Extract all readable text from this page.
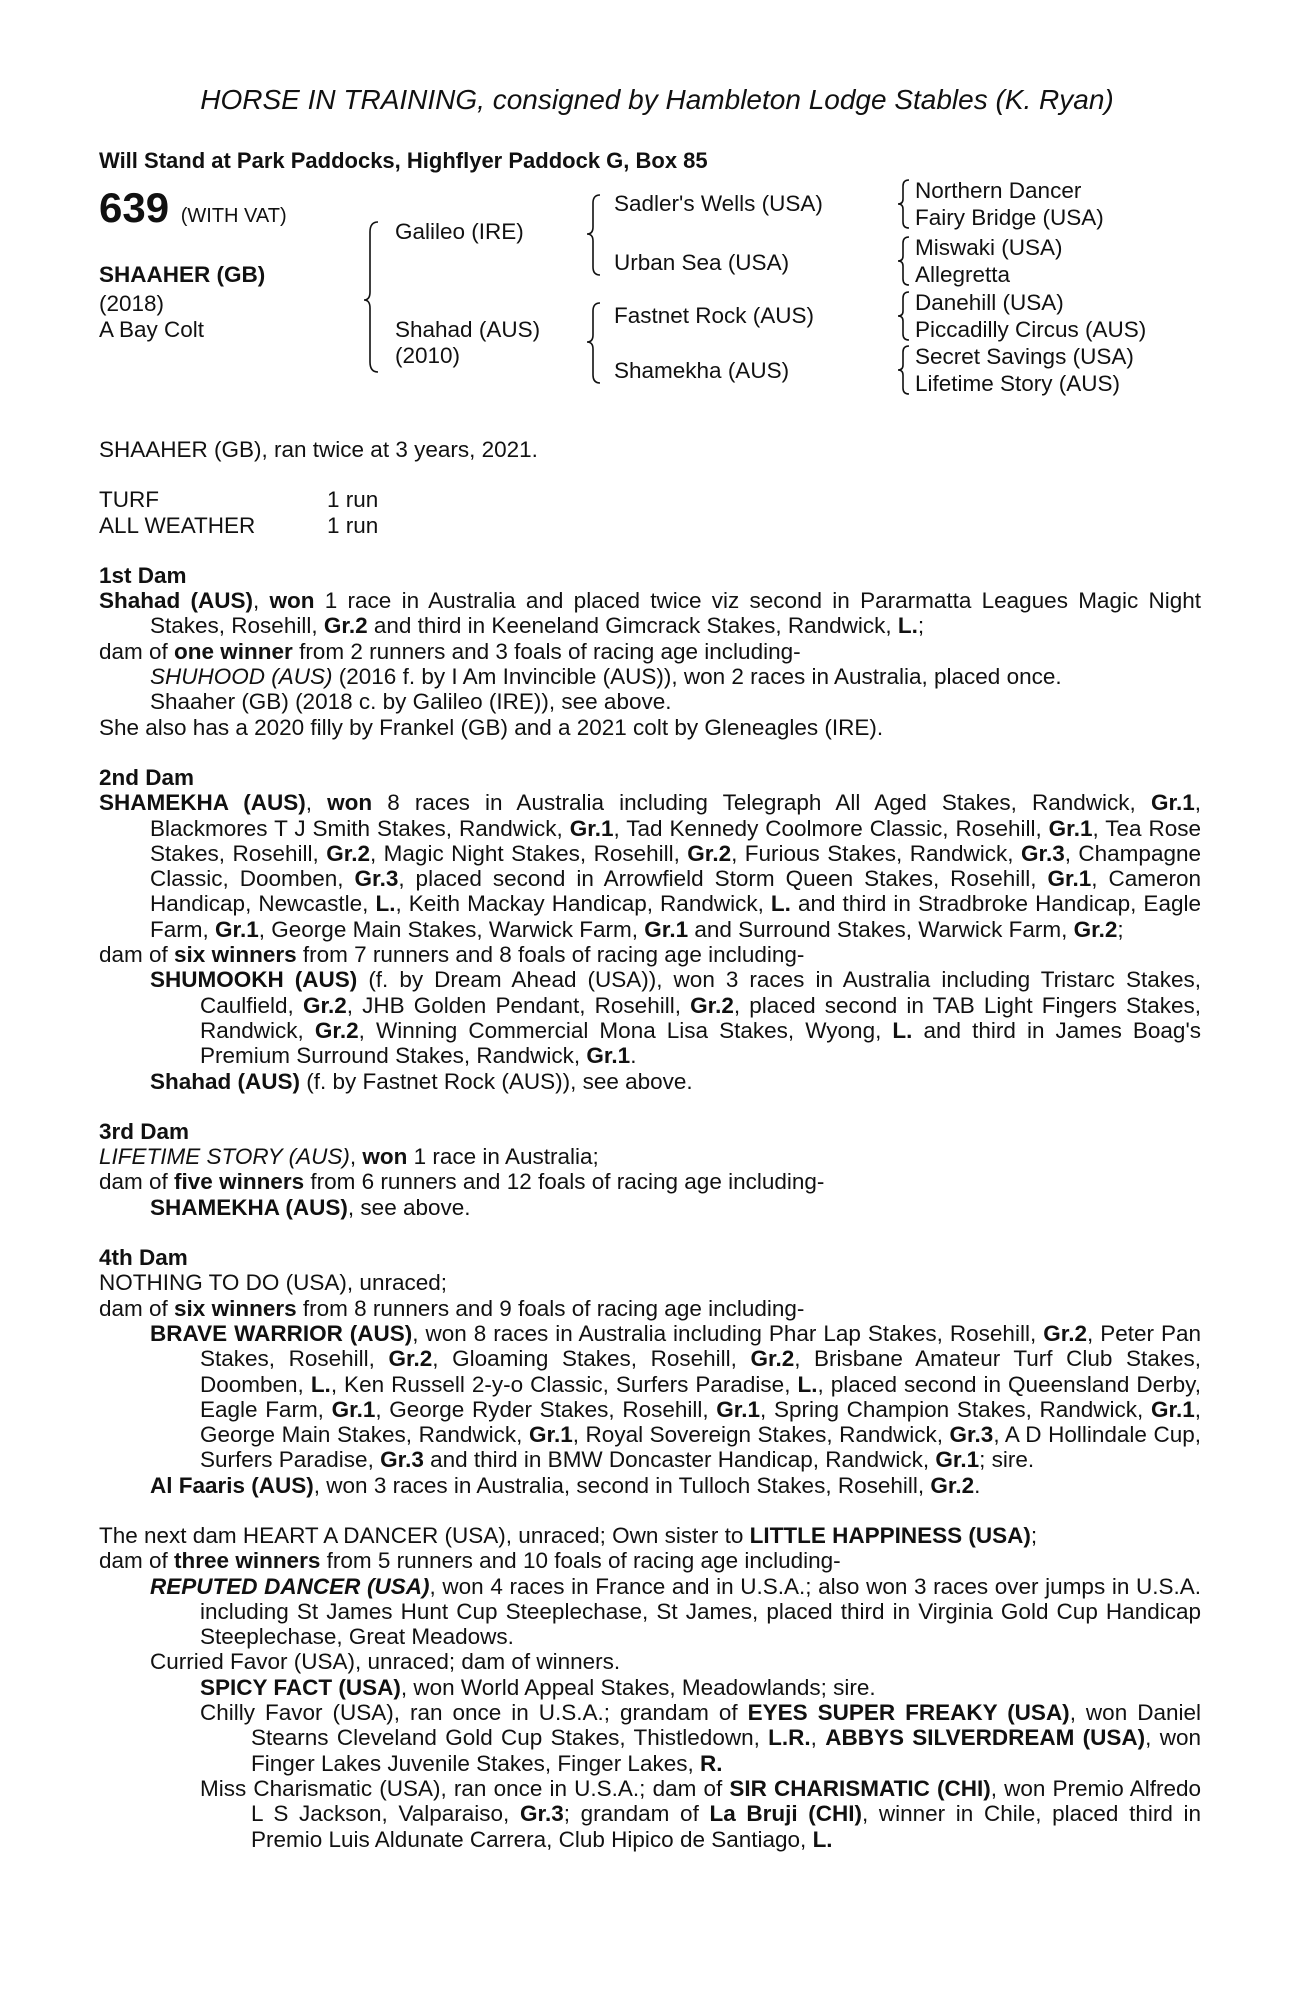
HORSE IN TRAINING, consigned by Hambleton Lodge Stables (K. Ryan)
Will Stand at Park Paddocks, Highflyer Paddock G, Box 85
639 (WITH VAT)
SHAAHER (GB)
(2018)
A Bay Colt
Galileo (IRE)
Shahad (AUS)
(2010)
Sadler's Wells (USA)
Urban Sea (USA)
Fastnet Rock (AUS)
Shamekha (AUS)
Northern Dancer
Fairy Bridge (USA)
Miswaki (USA)
Allegretta
Danehill (USA)
Piccadilly Circus (AUS)
Secret Savings (USA)
Lifetime Story (AUS)
SHAAHER (GB), ran twice at 3 years, 2021.
TURF	1 run
ALL WEATHER	1 run
1st Dam
Shahad (AUS), won 1 race in Australia and placed twice viz second in Pararmatta Leagues Magic Night Stakes, Rosehill, Gr.2 and third in Keeneland Gimcrack Stakes, Randwick, L.;
dam of one winner from 2 runners and 3 foals of racing age including-
SHUHOOD (AUS) (2016 f. by I Am Invincible (AUS)), won 2 races in Australia, placed once.
Shaaher (GB) (2018 c. by Galileo (IRE)), see above.
She also has a 2020 filly by Frankel (GB) and a 2021 colt by Gleneagles (IRE).
2nd Dam
SHAMEKHA (AUS), won 8 races in Australia including Telegraph All Aged Stakes, Randwick, Gr.1, Blackmores T J Smith Stakes, Randwick, Gr.1, Tad Kennedy Coolmore Classic, Rosehill, Gr.1, Tea Rose Stakes, Rosehill, Gr.2, Magic Night Stakes, Rosehill, Gr.2, Furious Stakes, Randwick, Gr.3, Champagne Classic, Doomben, Gr.3, placed second in Arrowfield Storm Queen Stakes, Rosehill, Gr.1, Cameron Handicap, Newcastle, L., Keith Mackay Handicap, Randwick, L. and third in Stradbroke Handicap, Eagle Farm, Gr.1, George Main Stakes, Warwick Farm, Gr.1 and Surround Stakes, Warwick Farm, Gr.2;
dam of six winners from 7 runners and 8 foals of racing age including-
SHUMOOKH (AUS) (f. by Dream Ahead (USA)), won 3 races in Australia including Tristarc Stakes, Caulfield, Gr.2, JHB Golden Pendant, Rosehill, Gr.2, placed second in TAB Light Fingers Stakes, Randwick, Gr.2, Winning Commercial Mona Lisa Stakes, Wyong, L. and third in James Boag's Premium Surround Stakes, Randwick, Gr.1.
Shahad (AUS) (f. by Fastnet Rock (AUS)), see above.
3rd Dam
LIFETIME STORY (AUS), won 1 race in Australia;
dam of five winners from 6 runners and 12 foals of racing age including-
SHAMEKHA (AUS), see above.
4th Dam
NOTHING TO DO (USA), unraced;
dam of six winners from 8 runners and 9 foals of racing age including-
BRAVE WARRIOR (AUS), won 8 races in Australia including Phar Lap Stakes, Rosehill, Gr.2, Peter Pan Stakes, Rosehill, Gr.2, Gloaming Stakes, Rosehill, Gr.2, Brisbane Amateur Turf Club Stakes, Doomben, L., Ken Russell 2-y-o Classic, Surfers Paradise, L., placed second in Queensland Derby, Eagle Farm, Gr.1, George Ryder Stakes, Rosehill, Gr.1, Spring Champion Stakes, Randwick, Gr.1, George Main Stakes, Randwick, Gr.1, Royal Sovereign Stakes, Randwick, Gr.3, A D Hollindale Cup, Surfers Paradise, Gr.3 and third in BMW Doncaster Handicap, Randwick, Gr.1; sire.
Al Faaris (AUS), won 3 races in Australia, second in Tulloch Stakes, Rosehill, Gr.2.
The next dam HEART A DANCER (USA), unraced; Own sister to LITTLE HAPPINESS (USA);
dam of three winners from 5 runners and 10 foals of racing age including-
REPUTED DANCER (USA), won 4 races in France and in U.S.A.; also won 3 races over jumps in U.S.A. including St James Hunt Cup Steeplechase, St James, placed third in Virginia Gold Cup Handicap Steeplechase, Great Meadows.
Curried Favor (USA), unraced; dam of winners.
SPICY FACT (USA), won World Appeal Stakes, Meadowlands; sire.
Chilly Favor (USA), ran once in U.S.A.; grandam of EYES SUPER FREAKY (USA), won Daniel Stearns Cleveland Gold Cup Stakes, Thistledown, L.R., ABBYS SILVERDREAM (USA), won Finger Lakes Juvenile Stakes, Finger Lakes, R.
Miss Charismatic (USA), ran once in U.S.A.; dam of SIR CHARISMATIC (CHI), won Premio Alfredo L S Jackson, Valparaiso, Gr.3; grandam of La Bruji (CHI), winner in Chile, placed third in Premio Luis Aldunate Carrera, Club Hipico de Santiago, L.
